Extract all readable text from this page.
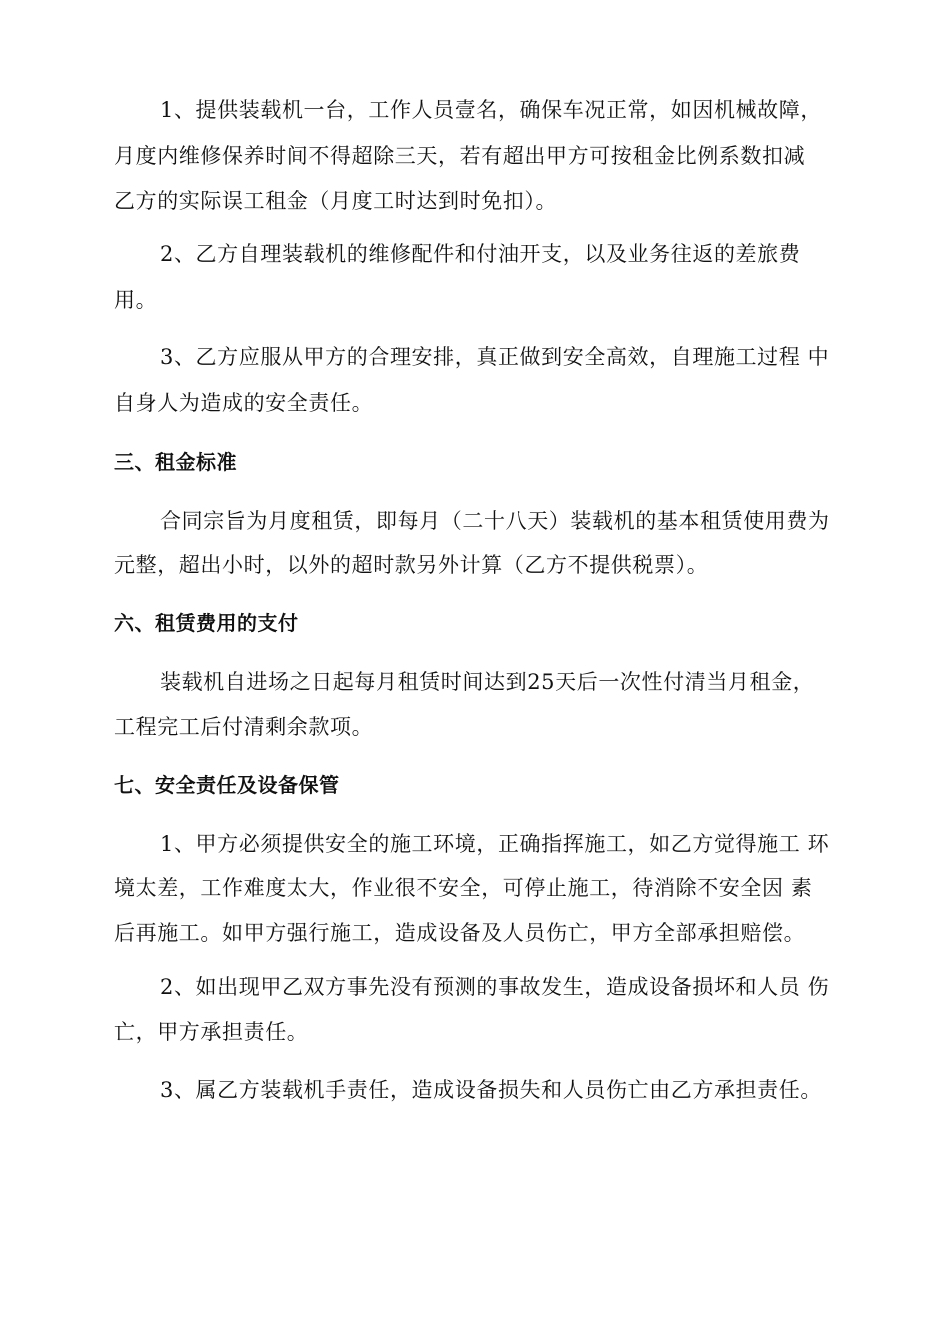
1、提供装载机一台，工作人员壹名，确保车况正常，如因机械故障，
月度内维修保养时间不得超除三天，若有超出甲方可按租金比例系数扣减
乙方的实际误工租金（月度工时达到时免扣）。
2、乙方自理装载机的维修配件和付油开支，以及业务往返的差旅费
用。
3、乙方应服从甲方的合理安排，真正做到安全高效，自理施工过程 中
自身人为造成的安全责任。
三、租金标准
合同宗旨为月度租赁，即每月（二十八天）装载机的基本租赁使用费为
元整，超出小时，以外的超时款另外计算（乙方不提供税票）。
六、租赁费用的支付
装载机自进场之日起每月租赁时间达到25天后一次性付清当月租金，
工程完工后付清剩余款项。
七、安全责任及设备保管
1、甲方必须提供安全的施工环境，正确指挥施工，如乙方觉得施工 环
境太差，工作难度太大，作业很不安全，可停止施工，待消除不安全因 素
后再施工。如甲方强行施工，造成设备及人员伤亡，甲方全部承担赔偿。
2、如出现甲乙双方事先没有预测的事故发生，造成设备损坏和人员 伤
亡，甲方承担责任。
3、属乙方装载机手责任，造成设备损失和人员伤亡由乙方承担责任。
